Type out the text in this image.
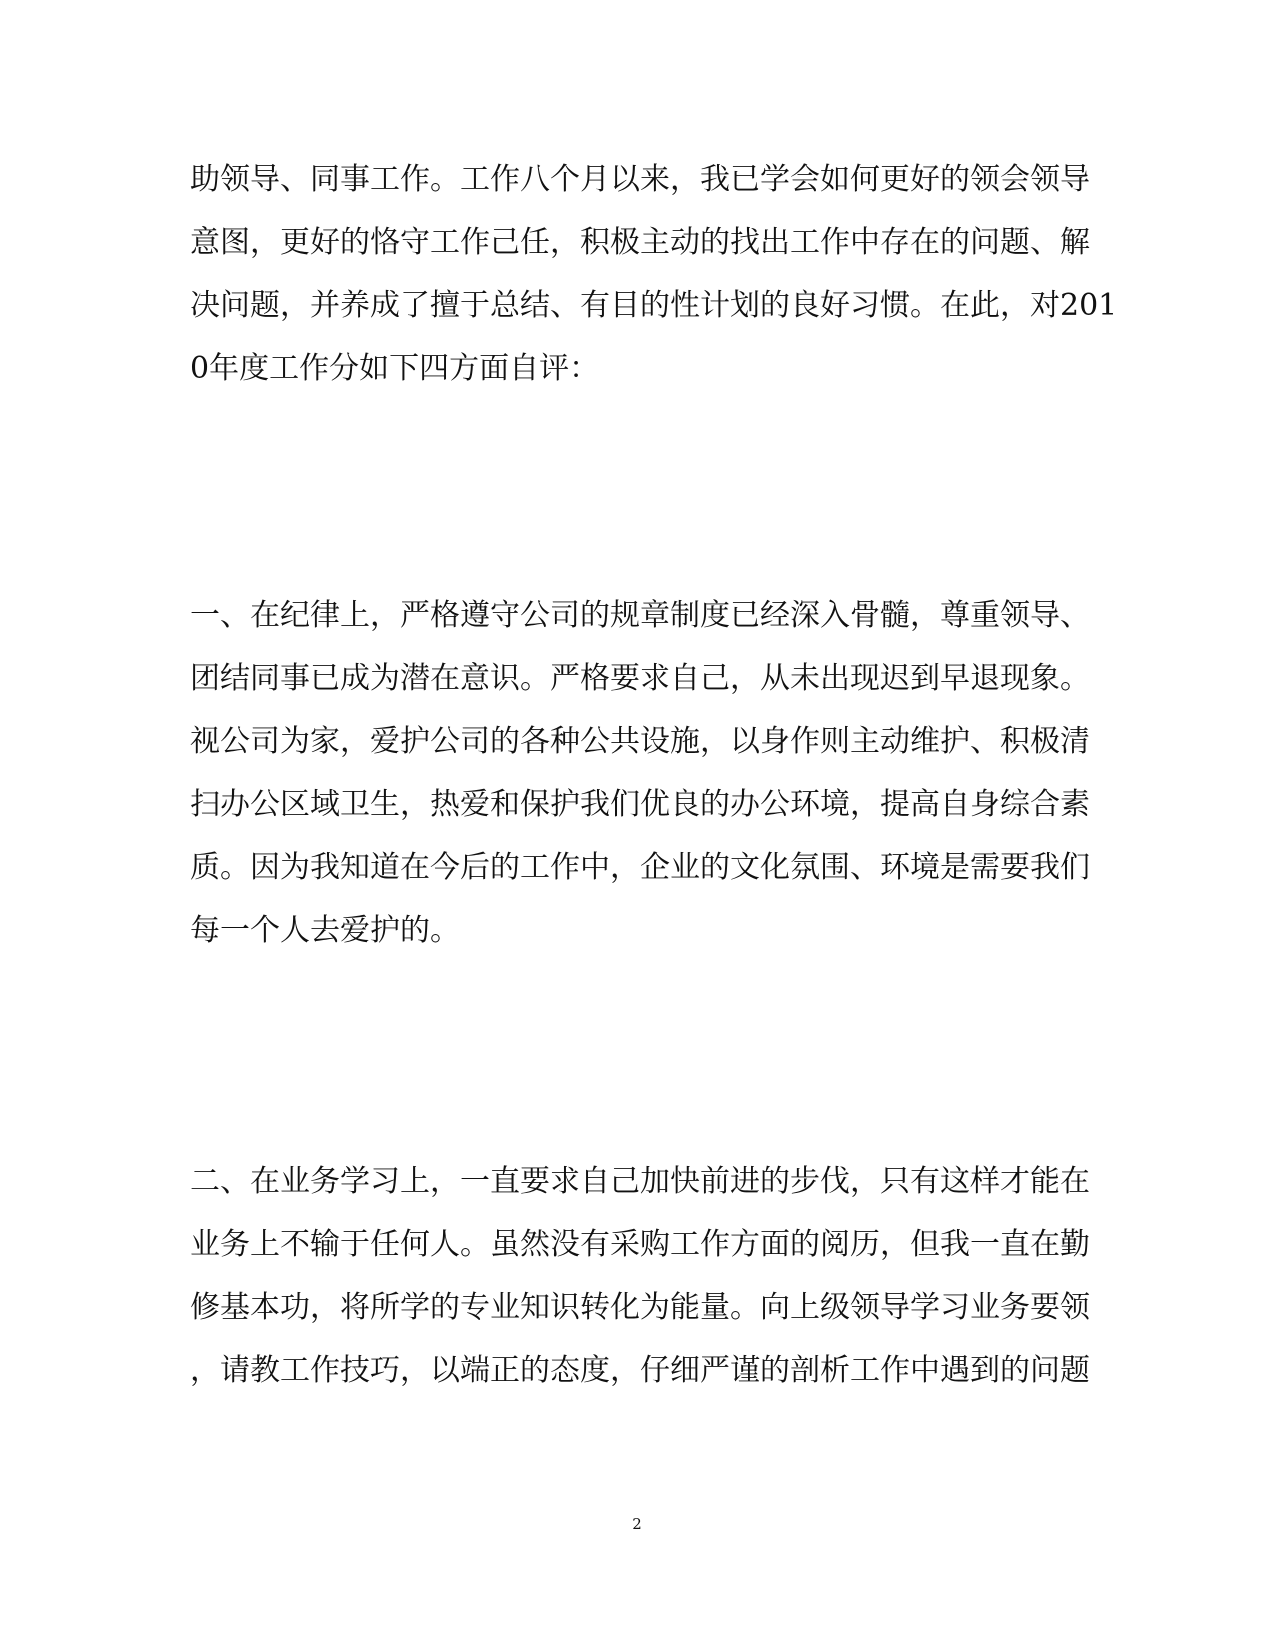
助领导、同事工作。工作八个月以来，我已学会如何更好的领会领导
意图，更好的恪守工作己任，积极主动的找出工作中存在的问题、解
决问题，并养成了擅于总结、有目的性计划的良好习惯。在此，对201
0年度工作分如下四方面自评：
一、在纪律上，严格遵守公司的规章制度已经深入骨髓，尊重领导、
团结同事已成为潜在意识。严格要求自己，从未出现迟到早退现象。
视公司为家，爱护公司的各种公共设施，以身作则主动维护、积极清
扫办公区域卫生，热爱和保护我们优良的办公环境，提高自身综合素
质。因为我知道在今后的工作中，企业的文化氛围、环境是需要我们
每一个人去爱护的。
二、在业务学习上，一直要求自己加快前进的步伐，只有这样才能在
业务上不输于任何人。虽然没有采购工作方面的阅历，但我一直在勤
修基本功，将所学的专业知识转化为能量。向上级领导学习业务要领
，请教工作技巧，以端正的态度，仔细严谨的剖析工作中遇到的问题
2
